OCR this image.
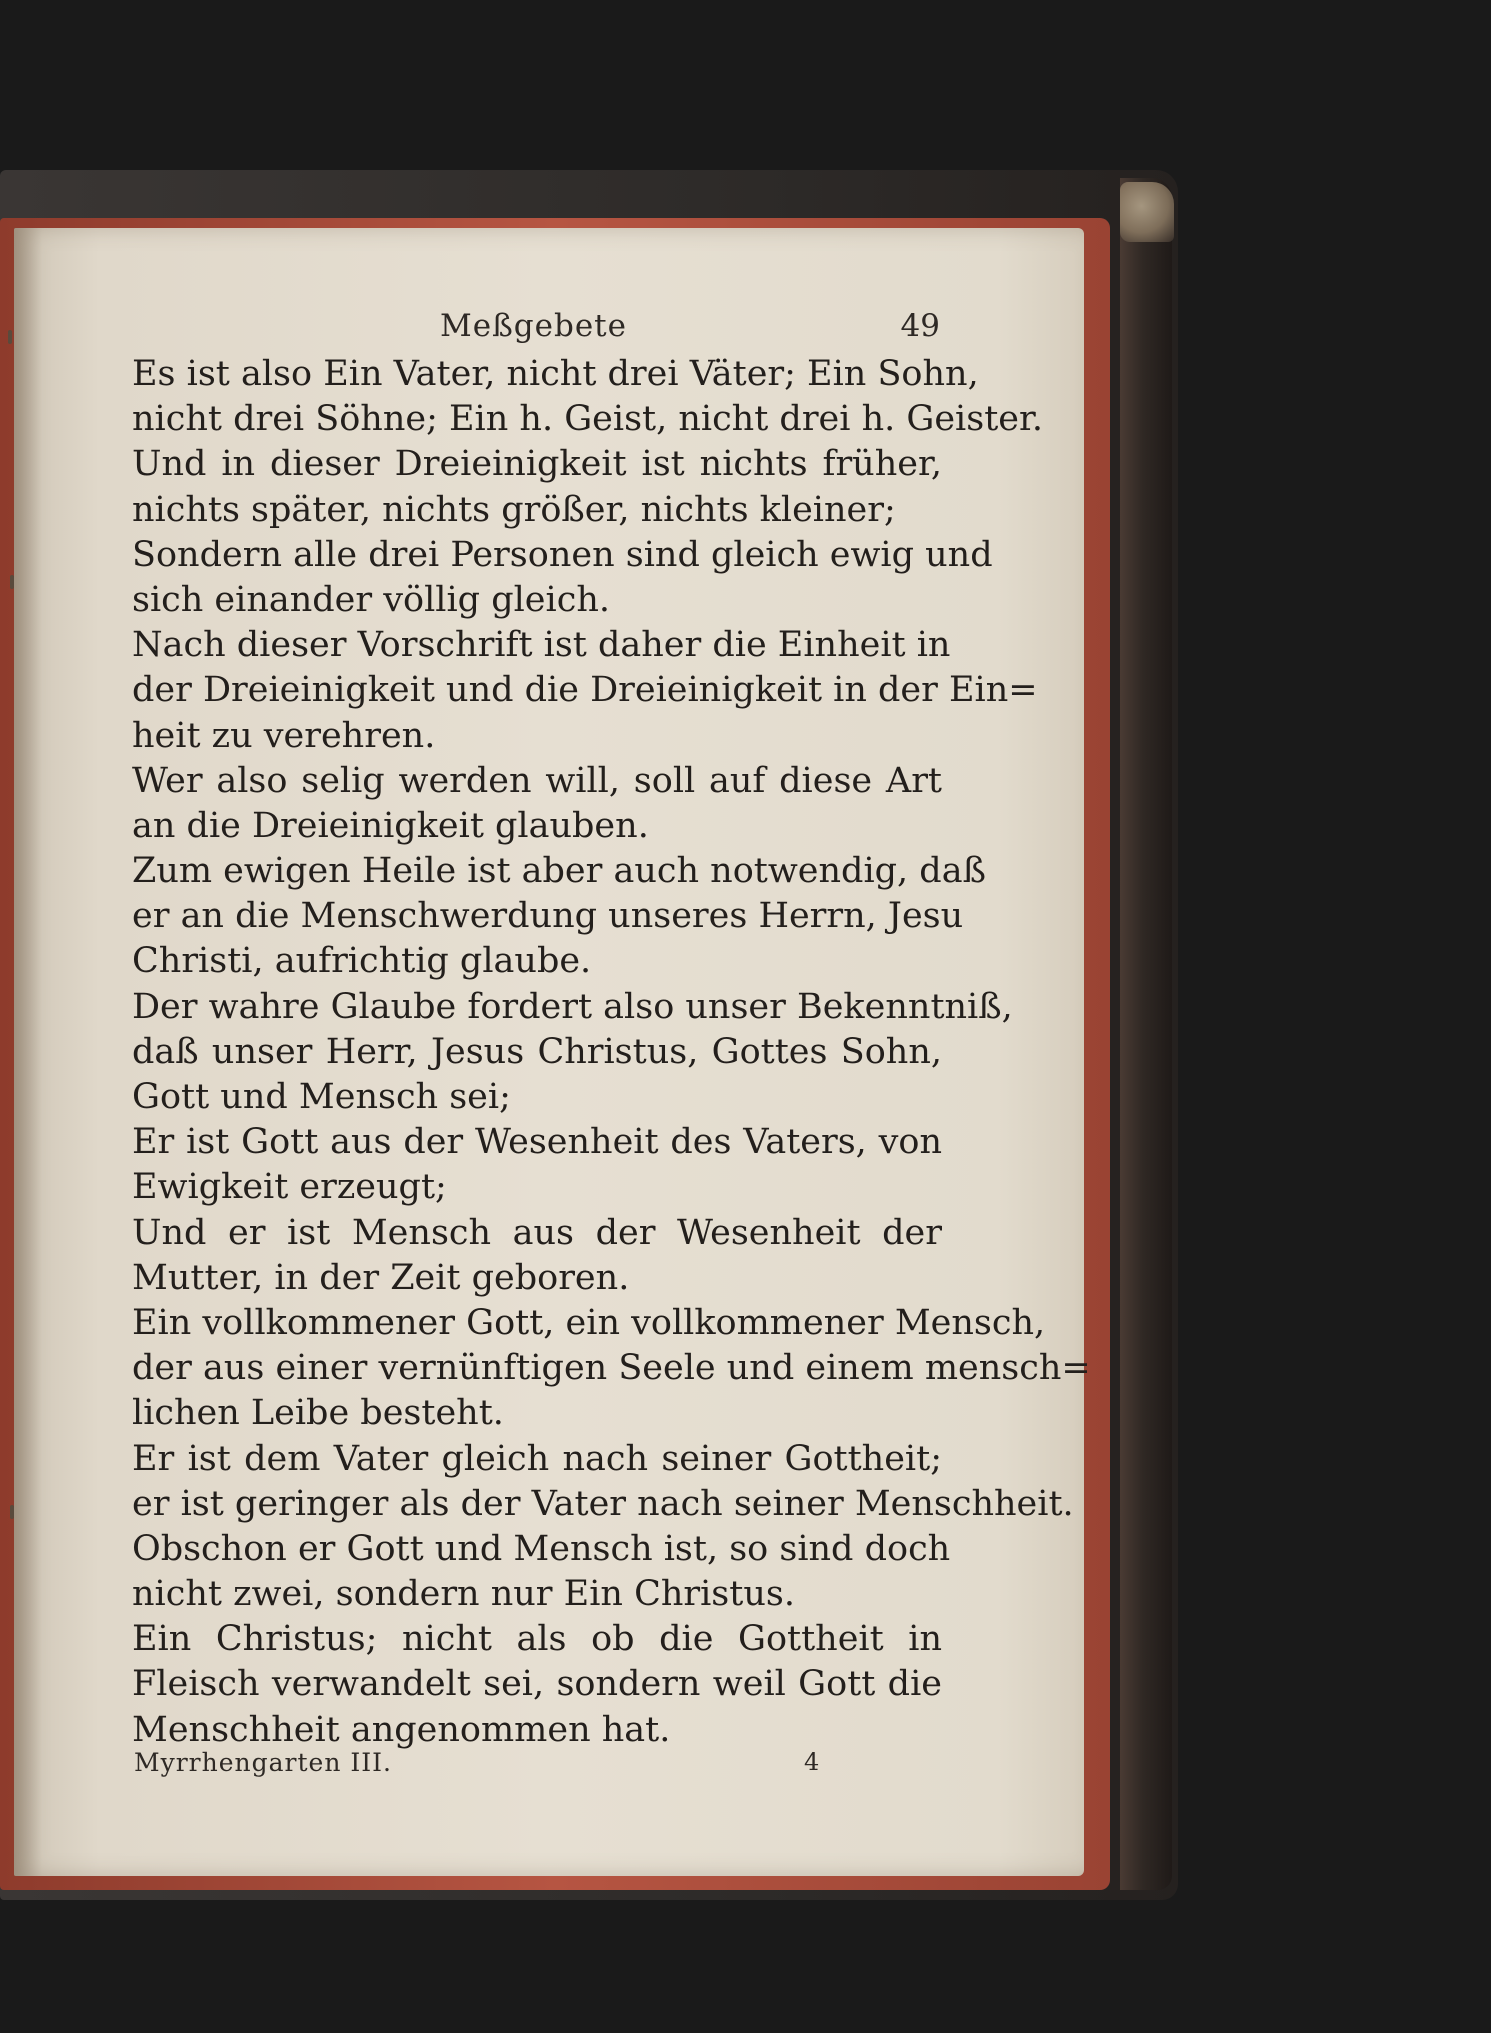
Meßgebete	49
Es ist also Ein Vater, nicht drei Väter; Ein Sohn,
nicht drei Söhne; Ein h. Geist, nicht drei h. Geister.
Und in dieser Dreieinigkeit ist nichts früher,
nichts später, nichts größer, nichts kleiner;
Sondern alle drei Personen sind gleich ewig und
sich einander völlig gleich.
Nach dieser Vorschrift ist daher die Einheit in
der Dreieinigkeit und die Dreieinigkeit in der Ein=
heit zu verehren.
Wer also selig werden will, soll auf diese Art
an die Dreieinigkeit glauben.
Zum ewigen Heile ist aber auch notwendig, daß
er an die Menschwerdung unseres Herrn, Jesu
Christi, aufrichtig glaube.
Der wahre Glaube fordert also unser Bekenntniß,
daß unser Herr, Jesus Christus, Gottes Sohn,
Gott und Mensch sei;
Er ist Gott aus der Wesenheit des Vaters, von
Ewigkeit erzeugt;
Und er ist Mensch aus der Wesenheit der
Mutter, in der Zeit geboren.
Ein vollkommener Gott, ein vollkommener Mensch,
der aus einer vernünftigen Seele und einem mensch=
lichen Leibe besteht.
Er ist dem Vater gleich nach seiner Gottheit;
er ist geringer als der Vater nach seiner Menschheit.
Obschon er Gott und Mensch ist, so sind doch
nicht zwei, sondern nur Ein Christus.
Ein Christus; nicht als ob die Gottheit in
Fleisch verwandelt sei, sondern weil Gott die
Menschheit angenommen hat.
Myrrhengarten III.	4
